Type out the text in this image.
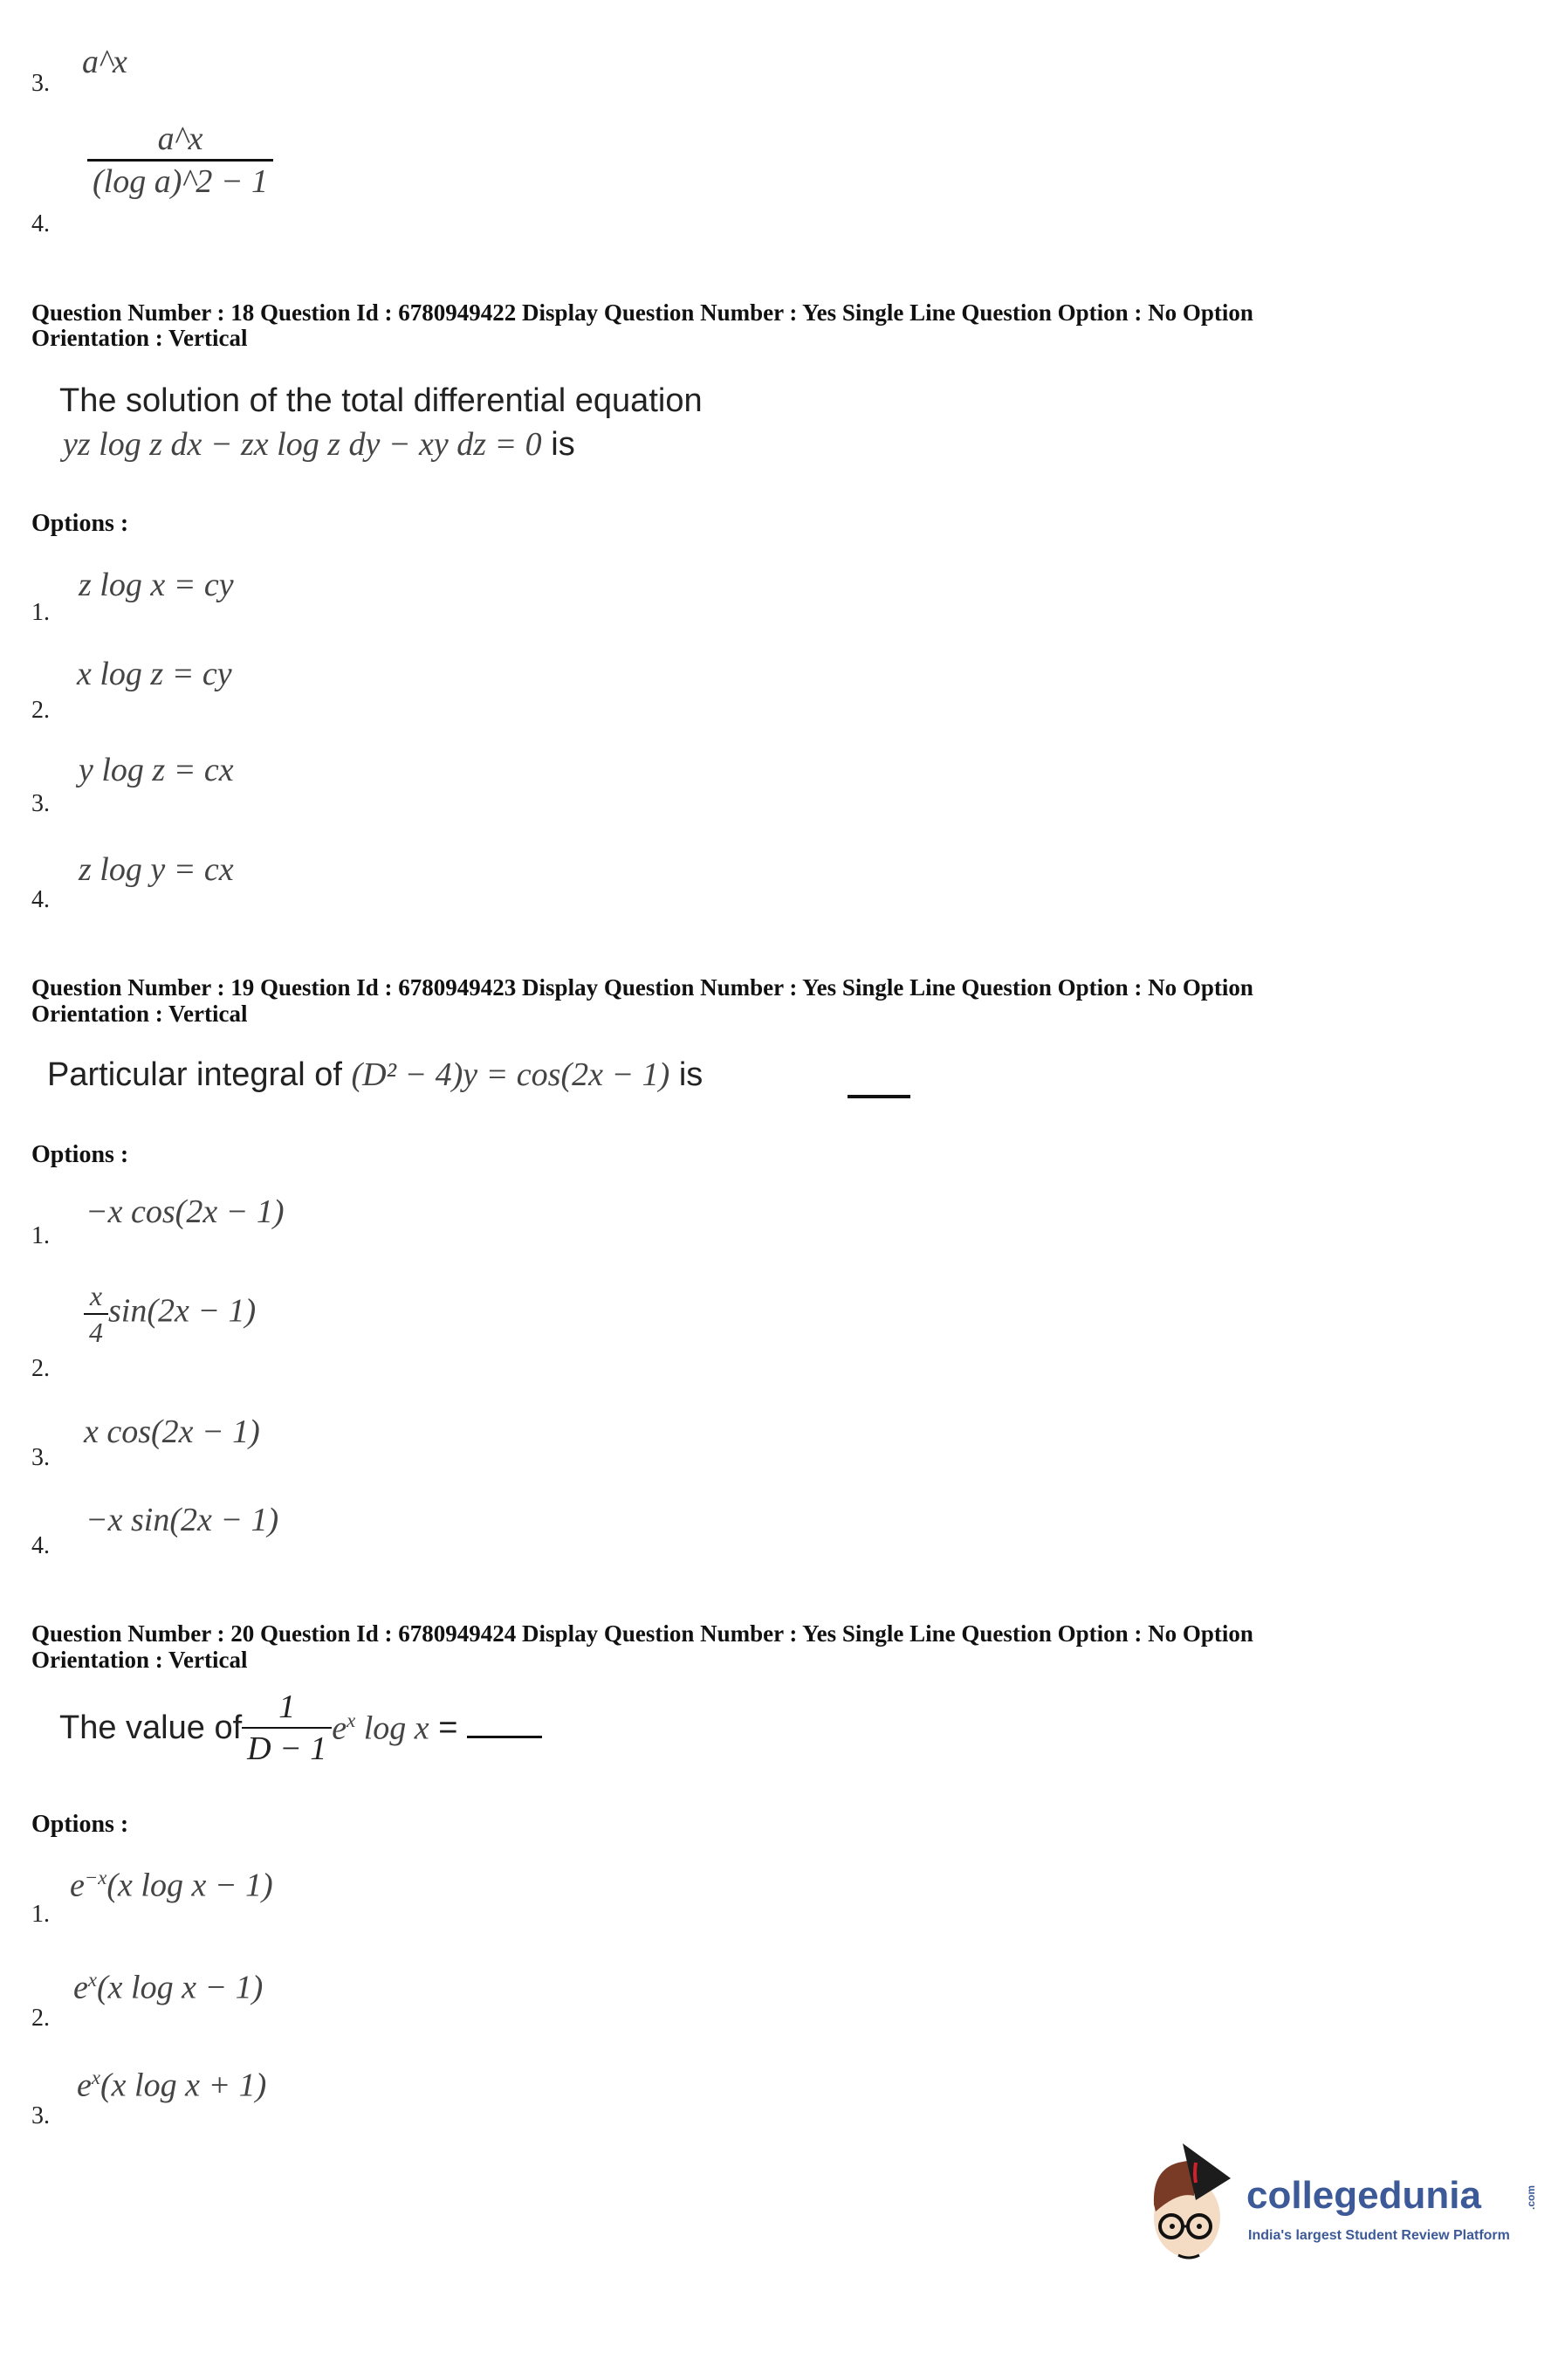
3.
a^x
4.
$\frac{a\^{}x}{\text{(log a)\textasciicircum{}2 − 1}}$
Question Number : 18 Question Id : 6780949422 Display Question Number : Yes Single Line Question Option : No Option
Orientation : Vertical
The solution of the total differential equation
yz log z dx − zx log z dy − xy dz = 0 is
Options :
1.
z log x = cy
2.
x log z = cy
3.
y log z = cx
4.
z log y = cx
Question Number : 19 Question Id : 6780949423 Display Question Number : Yes Single Line Question Option : No Option
Orientation : Vertical
Particular integral of (D² − 4)y = cos(2x − 1) is
Options :
1.
−x cos(2x − 1)
2.
$\frac{x}{4} \sin(2x - 1)$
3.
x cos(2x − 1)
4.
−x sin(2x − 1)
Question Number : 20 Question Id : 6780949424 Display Question Number : Yes Single Line Question Option : No Option
Orientation : Vertical
The value of $\frac{1}{D - 1} e^x$ log x =
Options :
1.
$e^{-x}(x$ log x − 1)
2.
$e^x(x$ log x − 1)
3.
$e^x(x$ log x + 1)
collegedunia	.com
India's largest Student Review Platform
